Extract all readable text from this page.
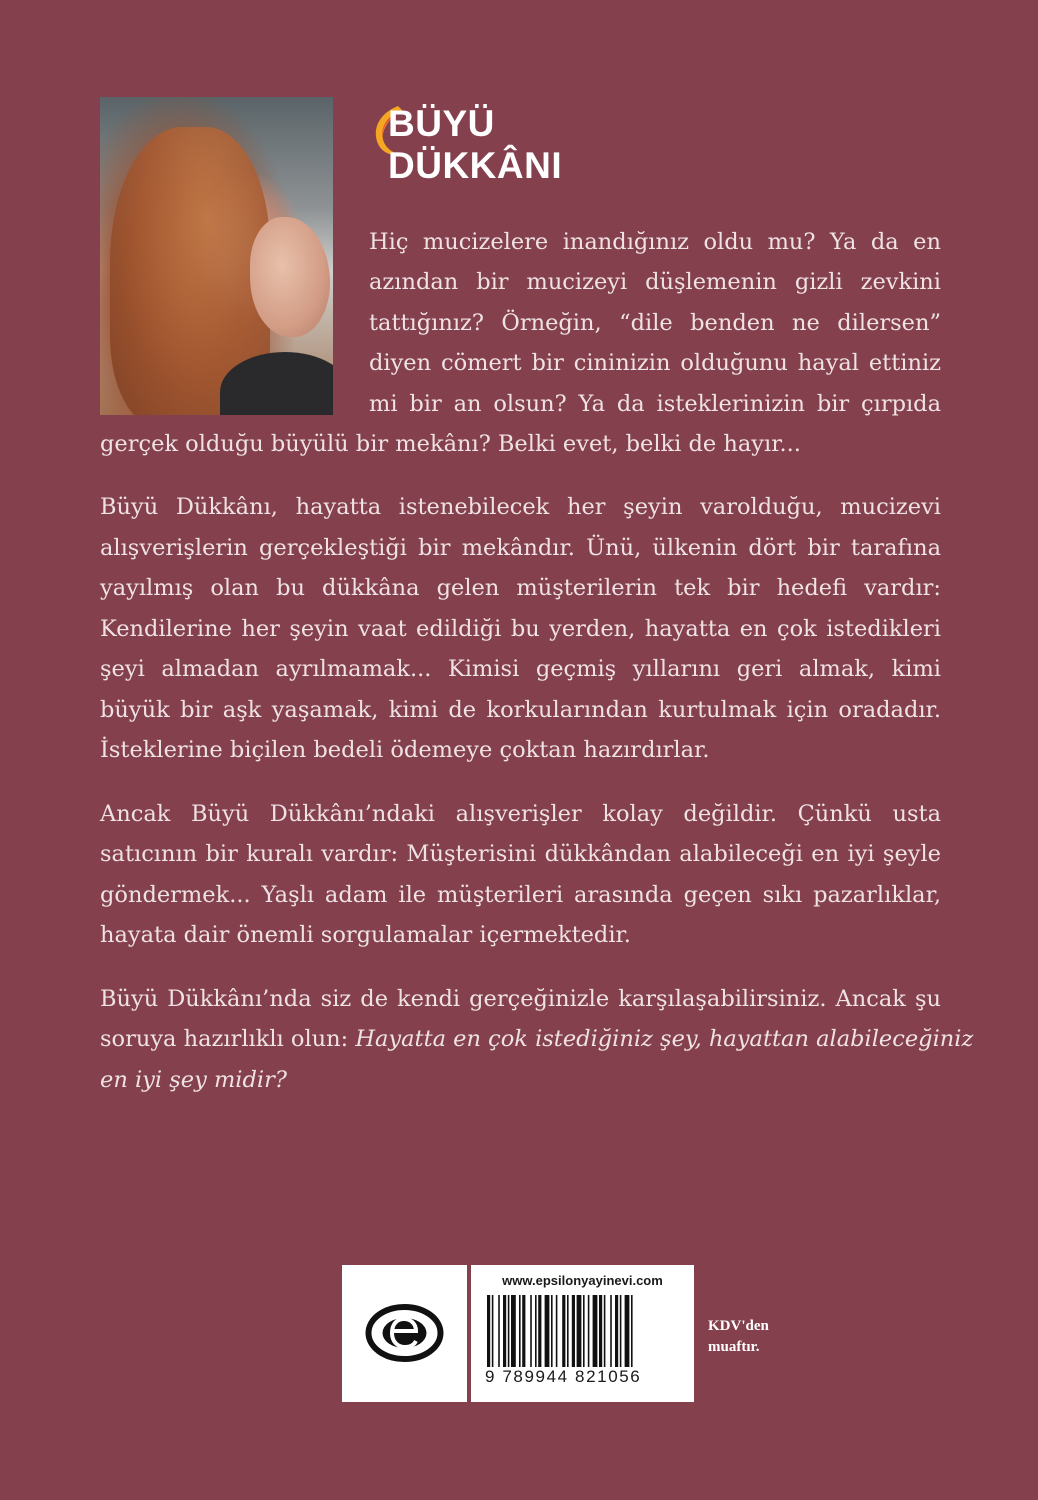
BÜYÜ
DÜKKÂNI
Hiç mucizelere inandığınız oldu mu? Ya da en
azından bir mucizeyi düşlemenin gizli zevkini
tattığınız? Örneğin, “dile benden ne dilersen”
diyen cömert bir cininizin olduğunu hayal ettiniz
mi bir an olsun? Ya da isteklerinizin bir çırpıda
gerçek olduğu büyülü bir mekânı? Belki evet, belki de hayır...
Büyü Dükkânı, hayatta istenebilecek her şeyin varolduğu, mucizevi
alışverişlerin gerçekleştiği bir mekândır. Ünü, ülkenin dört bir tarafına
yayılmış olan bu dükkâna gelen müşterilerin tek bir hedefi vardır:
Kendilerine her şeyin vaat edildiği bu yerden, hayatta en çok istedikleri
şeyi almadan ayrılmamak... Kimisi geçmiş yıllarını geri almak, kimi
büyük bir aşk yaşamak, kimi de korkularından kurtulmak için oradadır.
İsteklerine biçilen bedeli ödemeye çoktan hazırdırlar.
Ancak Büyü Dükkânı’ndaki alışverişler kolay değildir. Çünkü usta
satıcının bir kuralı vardır: Müşterisini dükkândan alabileceği en iyi şeyle
göndermek... Yaşlı adam ile müşterileri arasında geçen sıkı pazarlıklar,
hayata dair önemli sorgulamalar içermektedir.
Büyü Dükkânı’nda siz de kendi gerçeğinizle karşılaşabilirsiniz. Ancak şu
soruya hazırlıklı olun: Hayatta en çok istediğiniz şey, hayattan alabileceğiniz
en iyi şey midir?
www.epsilonyayinevi.com
9 789944 821056
KDV'den
muaftır.
